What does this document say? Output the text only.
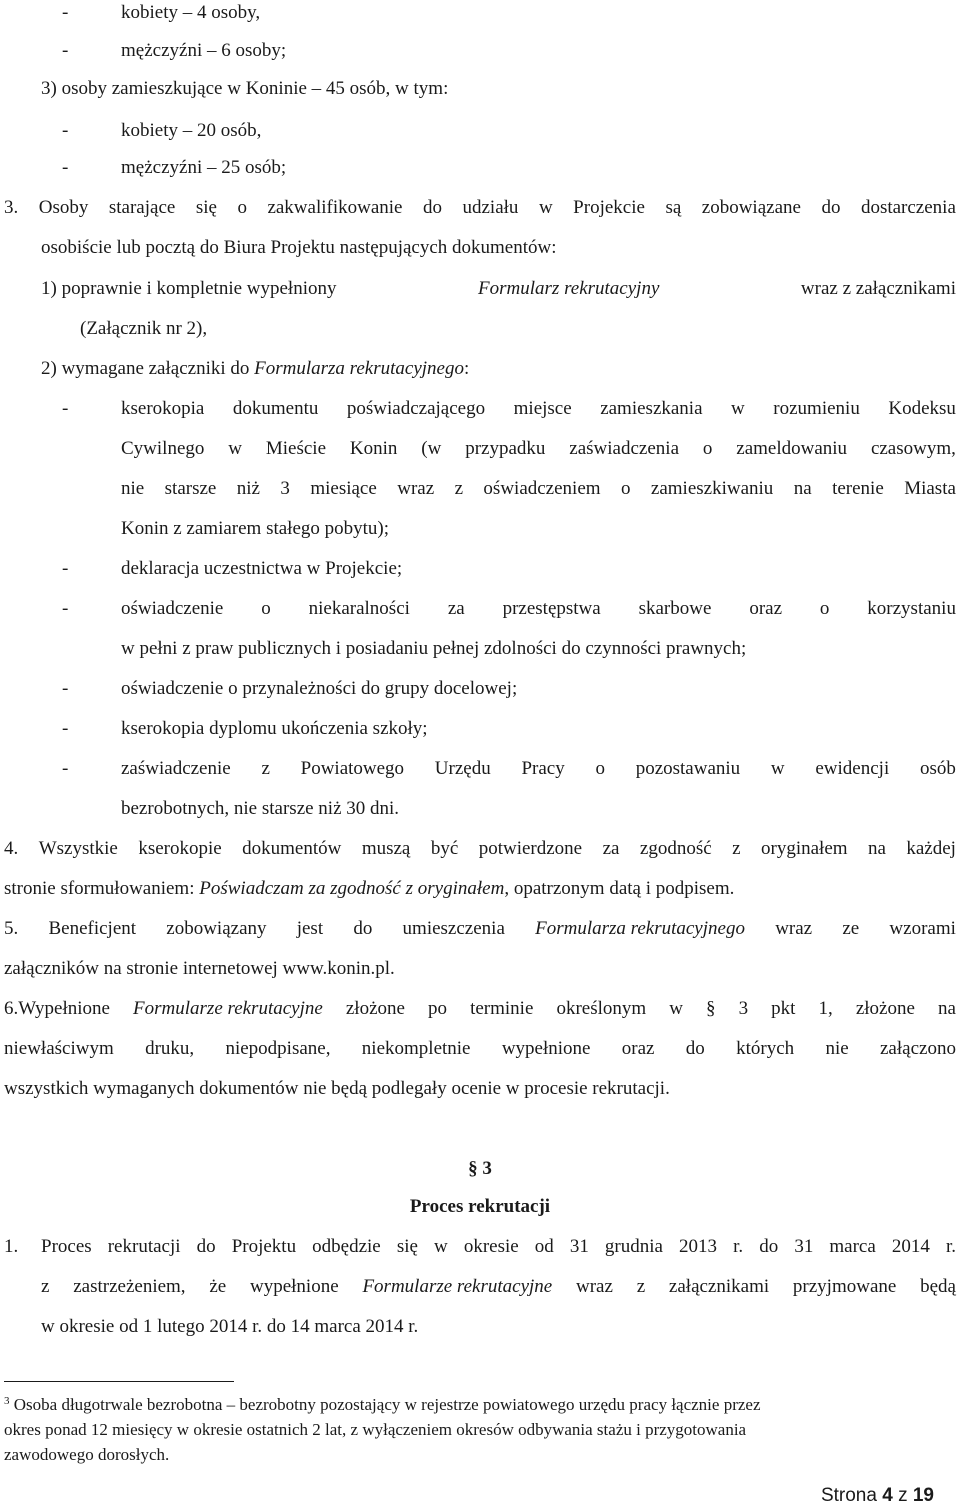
-	kobiety – 4 osoby,
-	mężczyźni – 6 osoby;
3) osoby zamieszkujące w Koninie – 45 osób, w tym:
-	kobiety – 20 osób,
-	mężczyźni – 25 osób;
3. Osoby starające się o zakwalifikowanie do udziału w Projekcie są zobowiązane do dostarczenia
osobiście lub pocztą do Biura Projektu następujących dokumentów:
1) poprawnie i kompletnie wypełniony	Formularz rekrutacyjny	wraz z załącznikami
(Załącznik nr 2),
2) wymagane załączniki do Formularza rekrutacyjnego:
-	kserokopia dokumentu poświadczającego miejsce zamieszkania w rozumieniu Kodeksu
Cywilnego w Mieście Konin (w przypadku zaświadczenia o zameldowaniu czasowym,
nie starsze niż 3 miesiące wraz z oświadczeniem o zamieszkiwaniu na terenie Miasta
Konin z zamiarem stałego pobytu);
-	deklaracja uczestnictwa w Projekcie;
-	oświadczenie o niekaralności za przestępstwa skarbowe oraz o korzystaniu
w pełni z praw publicznych i posiadaniu pełnej zdolności do czynności prawnych;
-	oświadczenie o przynależności do grupy docelowej;
-	kserokopia dyplomu ukończenia szkoły;
-	zaświadczenie z Powiatowego Urzędu Pracy o pozostawaniu w ewidencji osób
bezrobotnych, nie starsze niż 30 dni.
4. Wszystkie kserokopie dokumentów muszą być potwierdzone za zgodność z oryginałem na każdej
stronie sformułowaniem: Poświadczam za zgodność z oryginałem, opatrzonym datą i podpisem.
5. Beneficjent zobowiązany jest do umieszczenia Formularza rekrutacyjnego wraz ze wzorami
załączników na stronie internetowej www.konin.pl.
6.Wypełnione Formularze rekrutacyjne złożone po terminie określonym w § 3 pkt 1, złożone na
niewłaściwym druku, niepodpisane, niekompletnie wypełnione oraz do których nie załączono
wszystkich wymaganych dokumentów nie będą podlegały ocenie w procesie rekrutacji.
§ 3
Proces rekrutacji
1. Proces rekrutacji do Projektu odbędzie się w okresie od 31 grudnia 2013 r. do 31 marca 2014 r.
z zastrzeżeniem, że wypełnione Formularze rekrutacyjne wraz z załącznikami przyjmowane będą
w okresie od 1 lutego 2014 r. do 14 marca 2014 r.
$^3$ Osoba długotrwale bezrobotna – bezrobotny pozostający w rejestrze powiatowego urzędu pracy łącznie przez
okres ponad 12 miesięcy w okresie ostatnich 2 lat, z wyłączeniem okresów odbywania stażu i przygotowania
zawodowego dorosłych.
Strona 4 z 19
